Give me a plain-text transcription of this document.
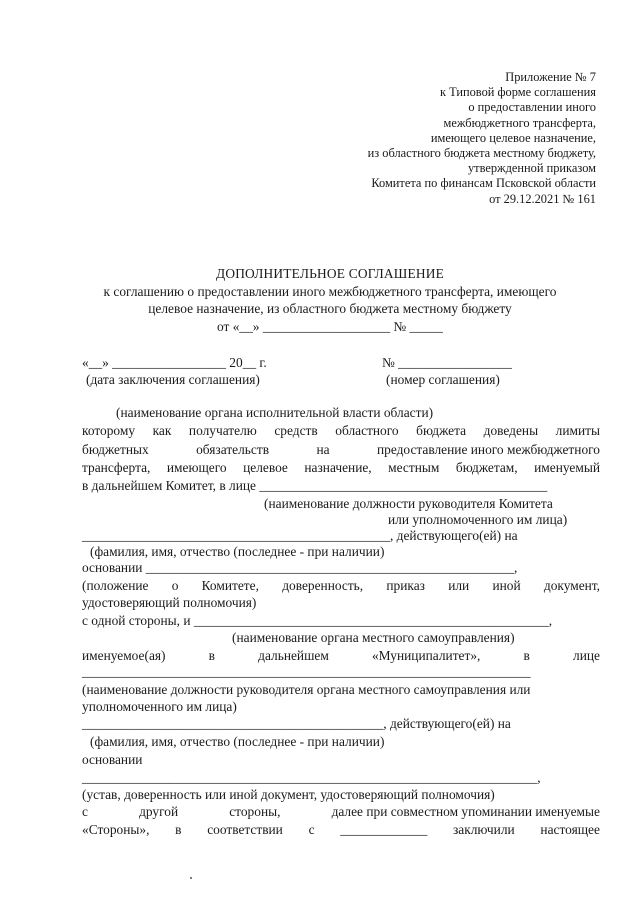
Приложение № 7
к Типовой форме соглашения
о предоставлении иного
межбюджетного трансферта,
имеющего целевое назначение,
из областного бюджета местному бюджету,
утвержденной приказом
Комитета по финансам Псковской области
от 29.12.2021 № 161
ДОПОЛНИТЕЛЬНОЕ СОГЛАШЕНИЕ
к соглашению о предоставлении иного межбюджетного трансферта, имеющего
целевое назначение, из областного бюджета местному бюджету
от «__» ___________________ № _____
«__» _________________ 20__ г.	№ _________________
(дата заключения соглашения)	(номер соглашения)
(наименование органа исполнительной власти области)
которому как получателю средств областного бюджета доведены лимиты
бюджетных	обязательств	на	предоставление иного межбюджетного
трансферта, имеющего целевое назначение, местным бюджетам, именуемый
в дальнейшем Комитет, в лице ___________________________________________
(наименование должности руководителя Комитета
или уполномоченного им лица)
______________________________________________, действующего(ей) на
(фамилия, имя, отчество (последнее - при наличии)
основании _______________________________________________________,
(положение о Комитете, доверенность, приказ или иной документ,
удостоверяющий полномочия)
с одной стороны, и _____________________________________________________,
(наименование органа местного самоуправления)
именуемое(ая)	в	дальнейшем	«Муниципалитет»,	в	лице
___________________________________________________________________
(наименование должности руководителя органа местного самоуправления или
уполномоченного им лица)
_____________________________________________, действующего(ей) на
(фамилия, имя, отчество (последнее - при наличии)
основании
____________________________________________________________________,
(устав, доверенность или иной документ, удостоверяющий полномочия)
с	другой	стороны,	далее при совместном упоминании именуемые
«Стороны», в соответствии с _____________ заключили настоящее
